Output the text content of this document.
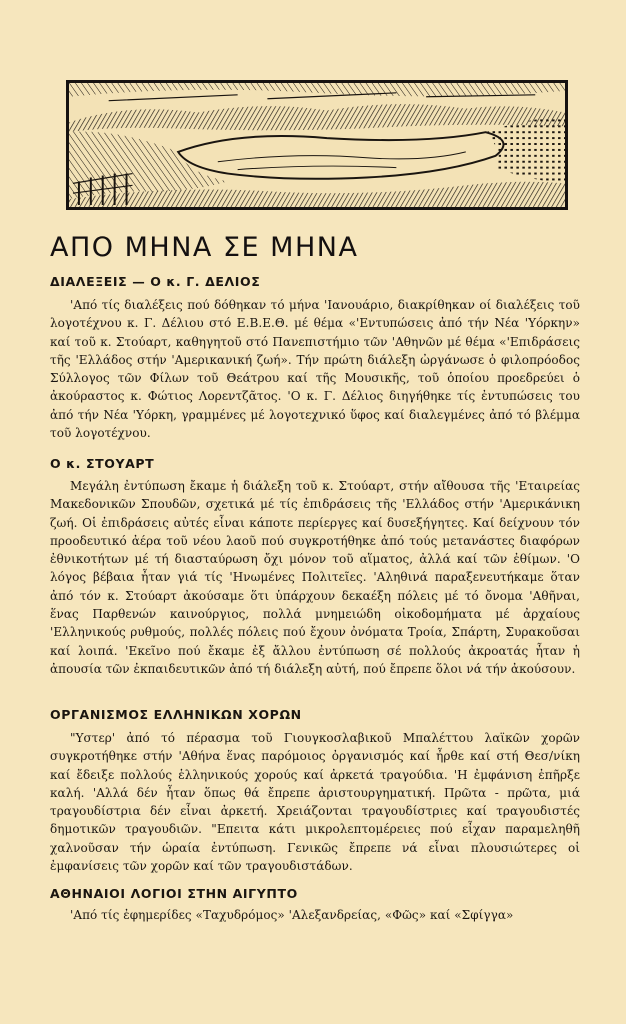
ΑΠΟ ΜΗΝΑ ΣΕ ΜΗΝΑ
ΔΙΑΛΕΞΕΙΣ — Ο κ. Γ. ΔΕΛΙΟΣ

'Από τίς διαλέξεις πού δόθηκαν τό μήνα 'Ιανουάριο, διακρίθηκαν οί διαλέξεις τοῦ λογοτέχνου κ. Γ. Δέλιου στό Ε.Β.Ε.Θ. μέ θέμα «'Εντυπώσεις ἀπό τήν Νέα 'Υόρκην» καί τοῦ κ. Στούαρτ, καθηγητοῦ στό Πανεπιστήμιο τῶν 'Αθηνῶν μέ θέμα «'Επιδράσεις τῆς 'Ελλάδος στήν 'Αμερικανική ζωή». Τήν πρώτη διάλεξη ὠργάνωσε ὁ φιλοπρόοδος Σύλλογος τῶν Φίλων τοῦ Θεάτρου καί τῆς Μουσικῆς, τοῦ ὁποίου προεδρεύει ὁ ἀκούραστος κ. Φώτιος Λορεντζᾶτος. 'Ο κ. Γ. Δέλιος διηγήθηκε τίς ἐντυπώσεις του ἀπό τήν Νέα 'Υόρκη, γραμμένες μέ λογοτεχνικό ὕφος καί διαλεγμένες ἀπό τό βλέμμα τοῦ λογοτέχνου.

Ο κ. ΣΤΟΥΑΡΤ

Μεγάλη ἐντύπωση ἔκαμε ἡ διάλεξη τοῦ κ. Στούαρτ, στήν αἴθουσα τῆς 'Εταιρείας Μακεδονικῶν Σπουδῶν, σχετικά μέ τίς ἐπιδράσεις τῆς 'Ελλάδος στήν 'Αμερικάνικη ζωή. Οἱ ἐπιδράσεις αὐτές εἶναι κάποτε περίεργες καί δυσεξήγητες. Καί δείχνουν τόν προοδευτικό ἀέρα τοῦ νέου λαοῦ πού συγκροτήθηκε ἀπό τούς μετανάστες διαφόρων ἐθνικοτήτων μέ τή διασταύρωση ὄχι μόνον τοῦ αἵματος, ἀλλά καί τῶν ἐθίμων. 'Ο λόγος βέβαια ἦταν γιά τίς 'Ηνωμένες Πολιτεῖες. 'Αληθινά παραξενευτήκαμε ὅταν ἀπό τόν κ. Στούαρτ ἀκούσαμε ὅτι ὑπάρχουν δεκαέξη πόλεις μέ τό ὄνομα 'Αθῆναι, ἕνας Παρθενών καινούργιος, πολλά μνημειώδη οἰκοδομήματα μέ ἀρχαίους 'Ελληνικούς ρυθμούς, πολλές πόλεις πού ἔχουν ὀνόματα Τροία, Σπάρτη, Συρακοῦσαι καί λοιπά. 'Εκεῖνο πού ἔκαμε ἐξ ἄλλου ἐντύπωση σέ πολλούς ἀκροατάς ἦταν ἡ ἀπουσία τῶν ἐκπαιδευτικῶν ἀπό τή διάλεξη αὐτή, πού ἔπρεπε ὅλοι νά τήν ἀκούσουν.

ΟΡΓΑΝΙΣΜΟΣ ΕΛΛΗΝΙΚΩΝ ΧΟΡΩΝ

"Υστερ' ἀπό τό πέρασμα τοῦ Γιουγκοσλαβικοῦ Μπαλέττου λαϊκῶν χορῶν συγκροτήθηκε στήν 'Αθήνα ἕνας παρόμοιος ὀργανισμός καί ἦρθε καί στή Θεσ/νίκη καί ἔδειξε πολλούς ἑλληνικούς χορούς καί ἀρκετά τραγούδια. 'Η ἐμφάνιση ἐπῆρξε καλή. 'Αλλά δέν ἦταν ὅπως θά ἔπρεπε ἀριστουργηματική. Πρῶτα - πρῶτα, μιά τραγουδίστρια δέν εἶναι ἀρκετή. Χρειάζονται τραγουδίστριες καί τραγουδιστές δημοτικῶν τραγουδιῶν. "Επειτα κάτι μικρολεπτομέρειες πού εἶχαν παραμεληθῆ χαλνοῦσαν τήν ὡραία ἐντύπωση. Γενικῶς ἔπρεπε νά εἶναι πλουσιώτερες οἱ ἐμφανίσεις τῶν χορῶν καί τῶν τραγουδιστάδων.

ΑΘΗΝΑΙΟΙ ΛΟΓΙΟΙ ΣΤΗΝ ΑΙΓΥΠΤΟ

'Από τίς ἐφημερίδες «Ταχυδρόμος» 'Αλεξανδρείας, «Φῶς» καί «Σφίγγα»
